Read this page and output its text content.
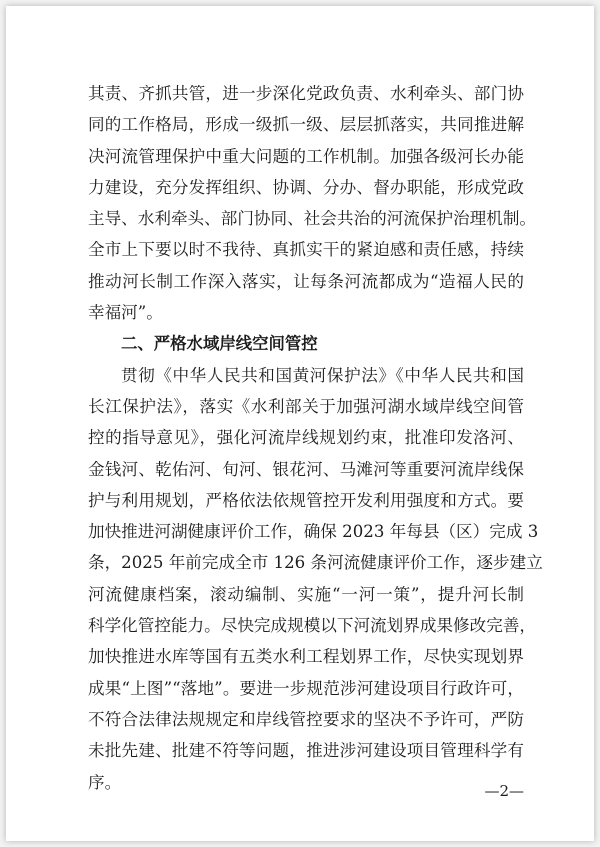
其责、齐抓共管，进一步深化党政负责、水利牵头、部门协
同的工作格局，形成一级抓一级、层层抓落实，共同推进解
决河流管理保护中重大问题的工作机制。加强各级河长办能
力建设，充分发挥组织、协调、分办、督办职能，形成党政
主导、水利牵头、部门协同、社会共治的河流保护治理机制。
全市上下要以时不我待、真抓实干的紧迫感和责任感，持续
推动河长制工作深入落实，让每条河流都成为“造福人民的
幸福河”。
二、严格水域岸线空间管控
贯彻《中华人民共和国黄河保护法》《中华人民共和国
长江保护法》，落实《水利部关于加强河湖水域岸线空间管
控的指导意见》，强化河流岸线规划约束，批准印发洛河、
金钱河、乾佑河、旬河、银花河、马滩河等重要河流岸线保
护与利用规划，严格依法依规管控开发利用强度和方式。要
加快推进河湖健康评价工作，确保 2023 年每县（区）完成 3
条，2025 年前完成全市 126 条河流健康评价工作，逐步建立
河流健康档案，滚动编制、实施“一河一策”，提升河长制
科学化管控能力。尽快完成规模以下河流划界成果修改完善，
加快推进水库等国有五类水利工程划界工作，尽快实现划界
成果“上图”“落地”。要进一步规范涉河建设项目行政许可，
不符合法律法规规定和岸线管控要求的坚决不予许可，严防
未批先建、批建不符等问题，推进涉河建设项目管理科学有
序。	—2—
